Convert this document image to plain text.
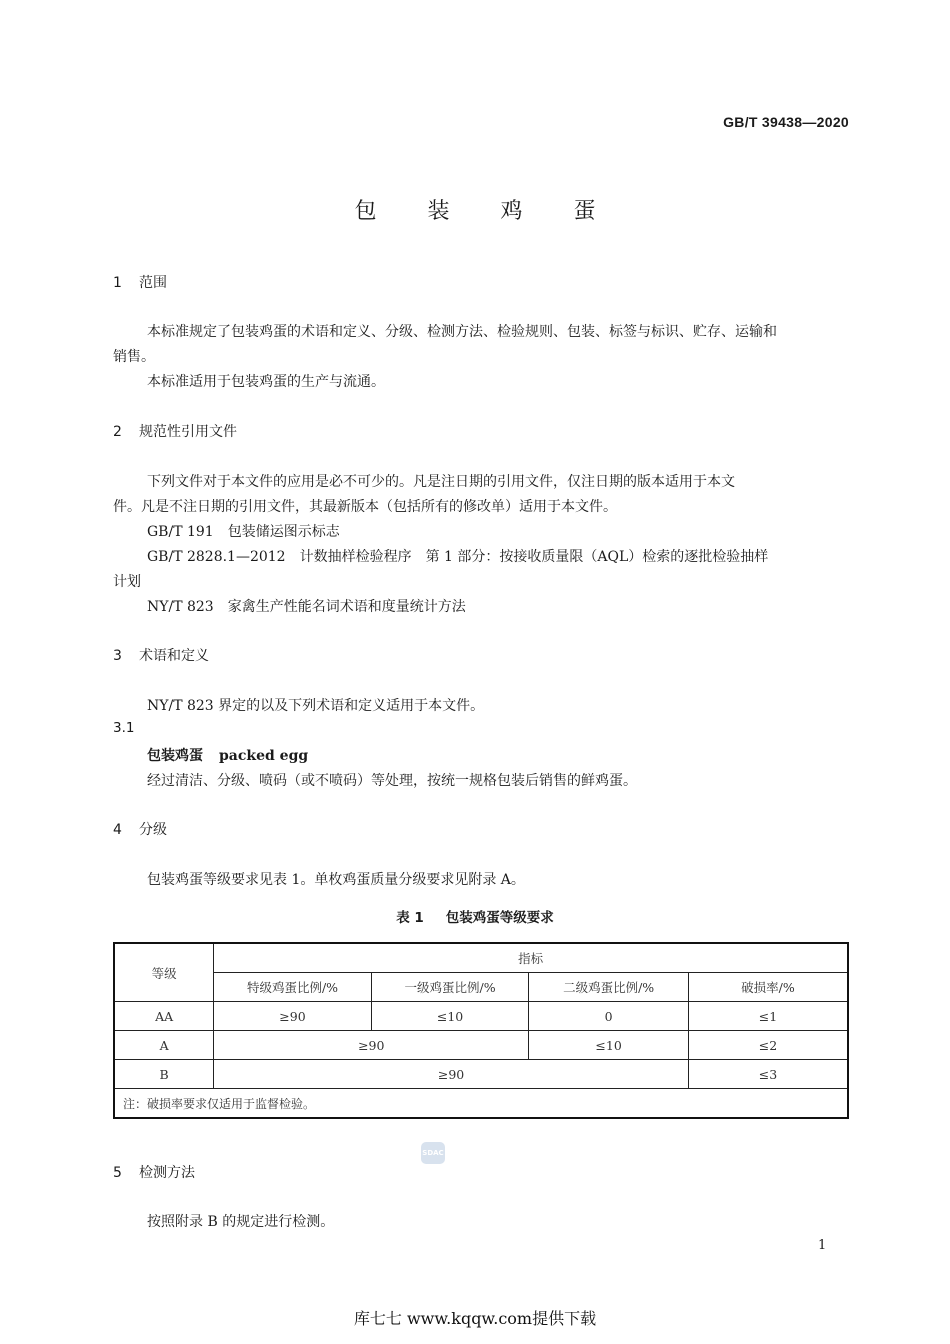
GB/T 39438—2020
包 装 鸡 蛋
1 范围
本标准规定了包装鸡蛋的术语和定义、分级、检测方法、检验规则、包装、标签与标识、贮存、运输和
销售。
本标准适用于包装鸡蛋的生产与流通。
2 规范性引用文件
下列文件对于本文件的应用是必不可少的。凡是注日期的引用文件，仅注日期的版本适用于本文
件。凡是不注日期的引用文件，其最新版本（包括所有的修改单）适用于本文件。
GB/T 191 包装储运图示标志
GB/T 2828.1—2012 计数抽样检验程序　第 1 部分：按接收质量限（AQL）检索的逐批检验抽样
计划
NY/T 823 家禽生产性能名词术语和度量统计方法
3 术语和定义
NY/T 823 界定的以及下列术语和定义适用于本文件。
3.1
包装鸡蛋 packed egg
经过清洁、分级、喷码（或不喷码）等处理，按统一规格包装后销售的鲜鸡蛋。
4 分级
包装鸡蛋等级要求见表 1。单枚鸡蛋质量分级要求见附录 A。
表 1 包装鸡蛋等级要求
等级	指标			
	特级鸡蛋比例/%	一级鸡蛋比例/%	二级鸡蛋比例/%	破损率/%
AA	≥90	≤10	0	≤1
A	≥90		≤10	≤2
B	≥90			≤3
注：破损率要求仅适用于监督检验。				
SDAC
5 检测方法
按照附录 B 的规定进行检测。
1
库七七 www.kqqw.com提供下载
